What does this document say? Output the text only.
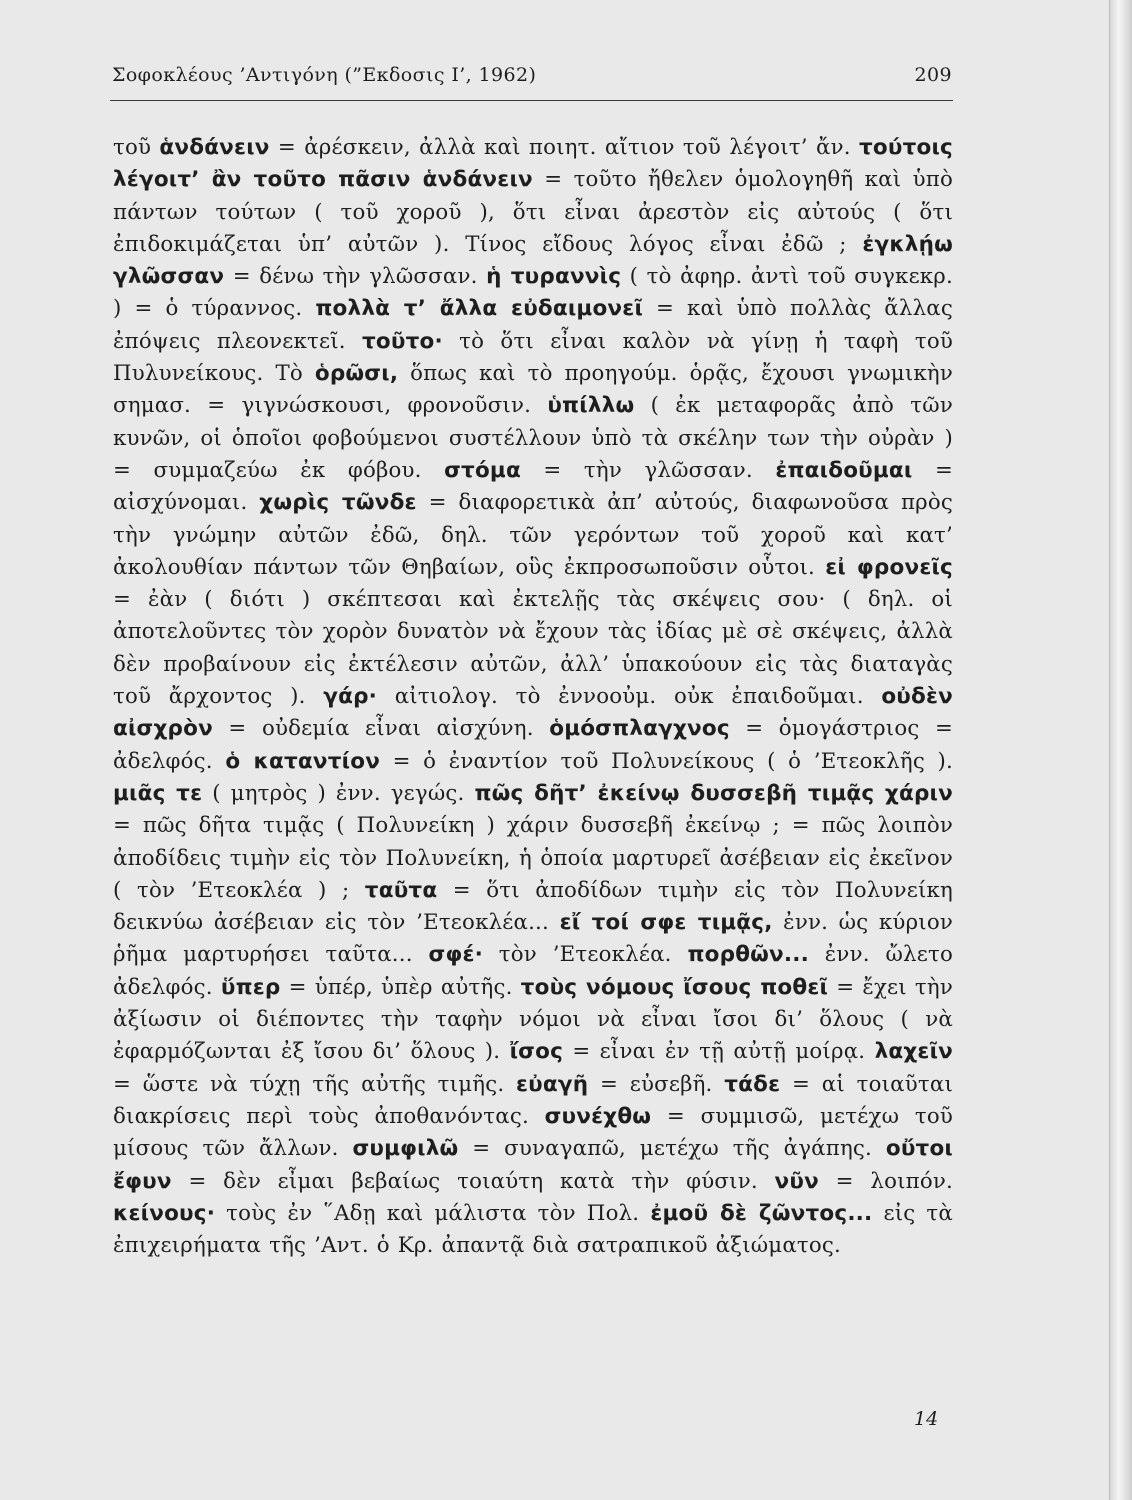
Σοφοκλέους ’Αντιγόνη (”Εκδοσις Ι’, 1962)	209
τοῦ ἁνδάνειν = ἀρέσκειν, ἀλλὰ καὶ ποιητ. αἴτιον τοῦ λέγοιτ’ ἄν. τούτοις λέγοιτ’ ἂν τοῦτο πᾶσιν ἁνδάνειν = τοῦτο ἤθελεν ὁμολογηθῆ καὶ ὑπὸ πάντων τούτων ( τοῦ χοροῦ ), ὅτι εἶναι ἀρεστὸν εἰς αὐτούς ( ὅτι ἐπιδοκιμάζεται ὑπ’ αὐτῶν ). Τίνος εἴδους λόγος εἶναι ἐδῶ ; ἐγκλῄω γλῶσσαν = δένω τὴν γλῶσσαν. ἡ τυραννὶς ( τὸ ἀφηρ. ἀντὶ τοῦ συγκεκρ. ) = ὁ τύραννος. πολλὰ τ’ ἄλλα εὐδαιμονεῖ = καὶ ὑπὸ πολλὰς ἄλλας ἐπόψεις πλεονεκτεῖ. τοῦτο· τὸ ὅτι εἶναι καλὸν νὰ γίνῃ ἡ ταφὴ τοῦ Πυλυνείκους. Τὸ ὁρῶσι, ὅπως καὶ τὸ προηγούμ. ὁρᾷς, ἔχουσι γνωμικὴν σημασ. = γιγνώσκουσι, φρονοῦσιν. ὑπίλλω ( ἐκ μεταφορᾶς ἀπὸ τῶν κυνῶν, οἱ ὁποῖοι φοβούμενοι συστέλλουν ὑπὸ τὰ σκέλην των τὴν οὐρὰν ) = συμμαζεύω ἐκ φόβου. στόμα = τὴν γλῶσσαν. ἐπαιδοῦμαι = αἰσχύνομαι. χωρὶς τῶνδε = διαφορετικὰ ἀπ’ αὐτούς, διαφωνοῦσα πρὸς τὴν γνώμην αὐτῶν ἐδῶ, δηλ. τῶν γερόντων τοῦ χοροῦ καὶ κατ’ ἀκολουθίαν πάντων τῶν Θηβαίων, οὓς ἐκπροσωποῦσιν οὗτοι. εἰ φρονεῖς = ἐὰν ( διότι ) σκέπτεσαι καὶ ἐκτελῇς τὰς σκέψεις σου· ( δηλ. οἱ ἀποτελοῦντες τὸν χορὸν δυνατὸν νὰ ἔχουν τὰς ἰδίας μὲ σὲ σκέψεις, ἀλλὰ δὲν προβαίνουν εἰς ἐκτέλεσιν αὐτῶν, ἀλλ’ ὑπακούουν εἰς τὰς διαταγὰς τοῦ ἄρχοντος ). γάρ· αἰτιολογ. τὸ ἐννοοὐμ. οὐκ ἐπαιδοῦμαι. οὐδὲν αἰσχρὸν = οὐδεμία εἶναι αἰσχύνη. ὁμόσπλαγχνος = ὁμογάστριος = ἀδελφός. ὁ καταντίον = ὁ ἐναντίον τοῦ Πολυνείκους ( ὁ ’Ετεοκλῆς ). μιᾶς τε ( μητρὸς ) ἐνν. γεγώς. πῶς δῆτ’ ἐκείνῳ δυσσεβῆ τιμᾷς χάριν = πῶς δῆτα τιμᾷς ( Πολυνείκη ) χάριν δυσσεβῆ ἐκείνῳ ; = πῶς λοιπὸν ἀποδίδεις τιμὴν εἰς τὸν Πολυνείκη, ἡ ὁποία μαρτυρεῖ ἀσέβειαν εἰς ἐκεῖνον ( τὸν ’Ετεοκλέα ) ; ταῦτα = ὅτι ἀποδίδων τιμὴν εἰς τὸν Πολυνείκη δεικνύω ἀσέβειαν εἰς τὸν ’Ετεοκλέα... εἴ τοί σφε τιμᾷς, ἐνν. ὡς κύριον ῥῆμα μαρτυρήσει ταῦτα... σφέ· τὸν ’Ετεοκλέα. πορθῶν... ἐνν. ὤλετο ἀδελφός. ὕπερ = ὑπέρ, ὑπὲρ αὐτῆς. τοὺς νόμους ἴσους ποθεῖ = ἔχει τὴν ἀξίωσιν οἱ διέποντες τὴν ταφὴν νόμοι νὰ εἶναι ἴσοι δι’ ὅλους ( νὰ ἐφαρμόζωνται ἐξ ἴσου δι’ ὅλους ). ἴσος = εἶναι ἐν τῇ αὐτῇ μοίρᾳ. λαχεῖν = ὥστε νὰ τύχῃ τῆς αὐτῆς τιμῆς. εὐαγῆ = εὐσεβῆ. τάδε = αἱ τοιαῦται διακρίσεις περὶ τοὺς ἀποθανόντας. συνέχθω = συμμισῶ, μετέχω τοῦ μίσους τῶν ἄλλων. συμφιλῶ = συναγαπῶ, μετέχω τῆς ἀγάπης. οὔτοι ἔφυν = δὲν εἶμαι βεβαίως τοιαύτη κατὰ τὴν φύσιν. νῦν = λοιπόν. κείνους· τοὺς ἐν ῞Αδῃ καὶ μάλιστα τὸν Πολ. ἐμοῦ δὲ ζῶντος... εἰς τὰ ἐπιχειρήματα τῆς ’Αντ. ὁ Κρ. ἀπαντᾷ διὰ σατραπικοῦ ἀξιώματος.
14
